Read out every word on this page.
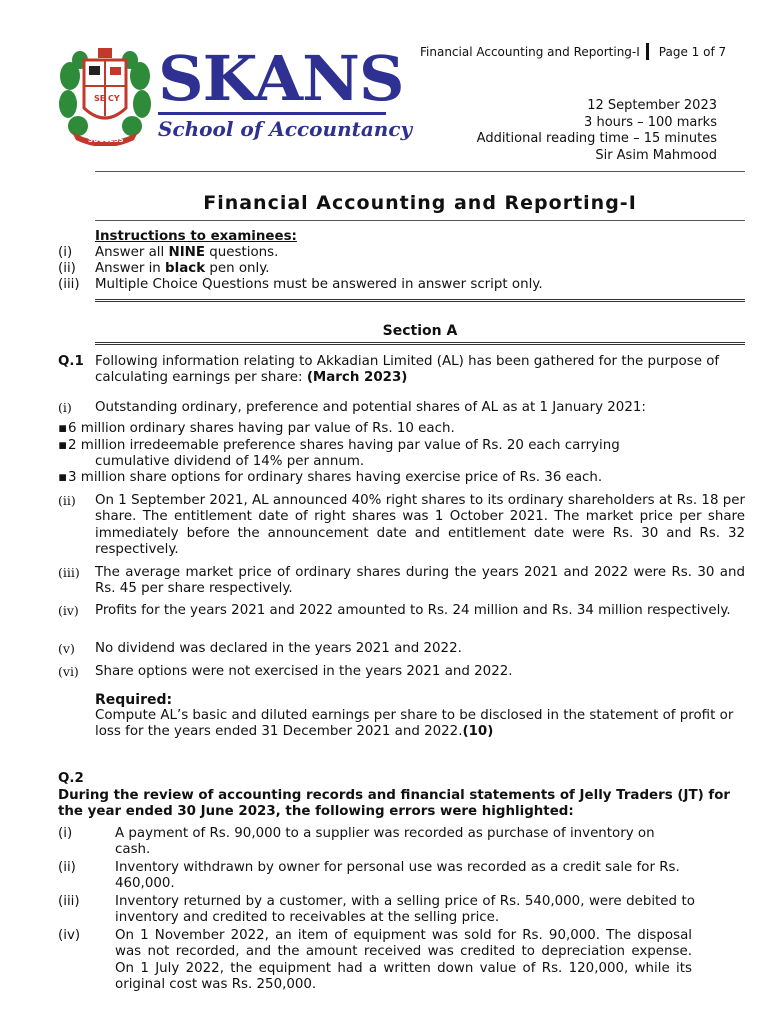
Financial Accounting and Reporting-I Page 1 of 7
SE CY
SUCCESS
SKANS
School of Accountancy
12 September 2023
3 hours – 100 marks
Additional reading time – 15 minutes
Sir Asim Mahmood
Financial Accounting and Reporting-I
Instructions to examinees:
(i) Answer all NINE questions.
(ii) Answer in black pen only.
(iii) Multiple Choice Questions must be answered in answer script only.
Section A
Q.1 Following information relating to Akkadian Limited (AL) has been gathered for the purpose of calculating earnings per share: (March 2023)
(i) Outstanding ordinary, preference and potential shares of AL as at 1 January 2021:
▪6 million ordinary shares having par value of Rs. 10 each.
▪2 million irredeemable preference shares having par value of Rs. 20 each carrying
cumulative dividend of 14% per annum.
▪3 million share options for ordinary shares having exercise price of Rs. 36 each.
(ii) On 1 September 2021, AL announced 40% right shares to its ordinary shareholders at Rs. 18 per share. The entitlement date of right shares was 1 October 2021. The market price per share immediately before the announcement date and entitlement date were Rs. 30 and Rs. 32 respectively.
(iii) The average market price of ordinary shares during the years 2021 and 2022 were Rs. 30 and Rs. 45 per share respectively.
(iv) Profits for the years 2021 and 2022 amounted to Rs. 24 million and Rs. 34 million respectively.
(v) No dividend was declared in the years 2021 and 2022.
(vi) Share options were not exercised in the years 2021 and 2022.
Required:
Compute AL’s basic and diluted earnings per share to be disclosed in the statement of profit or loss for the years ended 31 December 2021 and 2022.(10)
Q.2
During the review of accounting records and financial statements of Jelly Traders (JT) for the year ended 30 June 2023, the following errors were highlighted:
(i)	A payment of Rs. 90,000 to a supplier was recorded as purchase of inventory on cash.
(ii)	Inventory withdrawn by owner for personal use was recorded as a credit sale for Rs. 460,000.
(iii)	Inventory returned by a customer, with a selling price of Rs. 540,000, were debited to inventory and credited to receivables at the selling price.
(iv)	On 1 November 2022, an item of equipment was sold for Rs. 90,000. The disposal was not recorded, and the amount received was credited to depreciation expense. On 1 July 2022, the equipment had a written down value of Rs. 120,000, while its original cost was Rs. 250,000.
